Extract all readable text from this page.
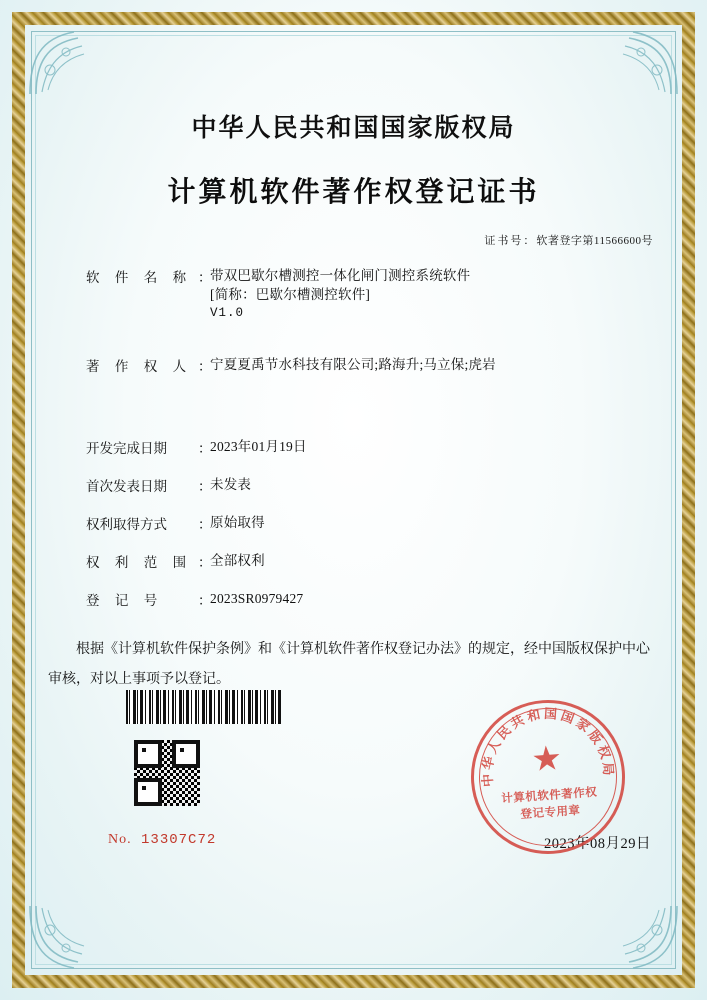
中华人民共和国国家版权局
计算机软件著作权登记证书
证书号：软著登字第11566600号
软 件 名 称 ：
带双巴歇尔槽测控一体化闸门测控系统软件
[简称：巴歇尔槽测控软件]
V1.0
著 作 权 人 ：
宁夏夏禹节水科技有限公司;路海升;马立保;虎岩
开发完成日期	：
2023年01月19日
首次发表日期	：
未发表
权利取得方式	：
原始取得
权 利 范 围 ：
全部权利
登 记 号	：
2023SR0979427
根据《计算机软件保护条例》和《计算机软件著作权登记办法》的规定，经中国版权保护中心审核，对以上事项予以登记。
No. 13307C72	2023年08月29日
中华人民共和国国家版权局
★
计算机软件著作权
登记专用章
